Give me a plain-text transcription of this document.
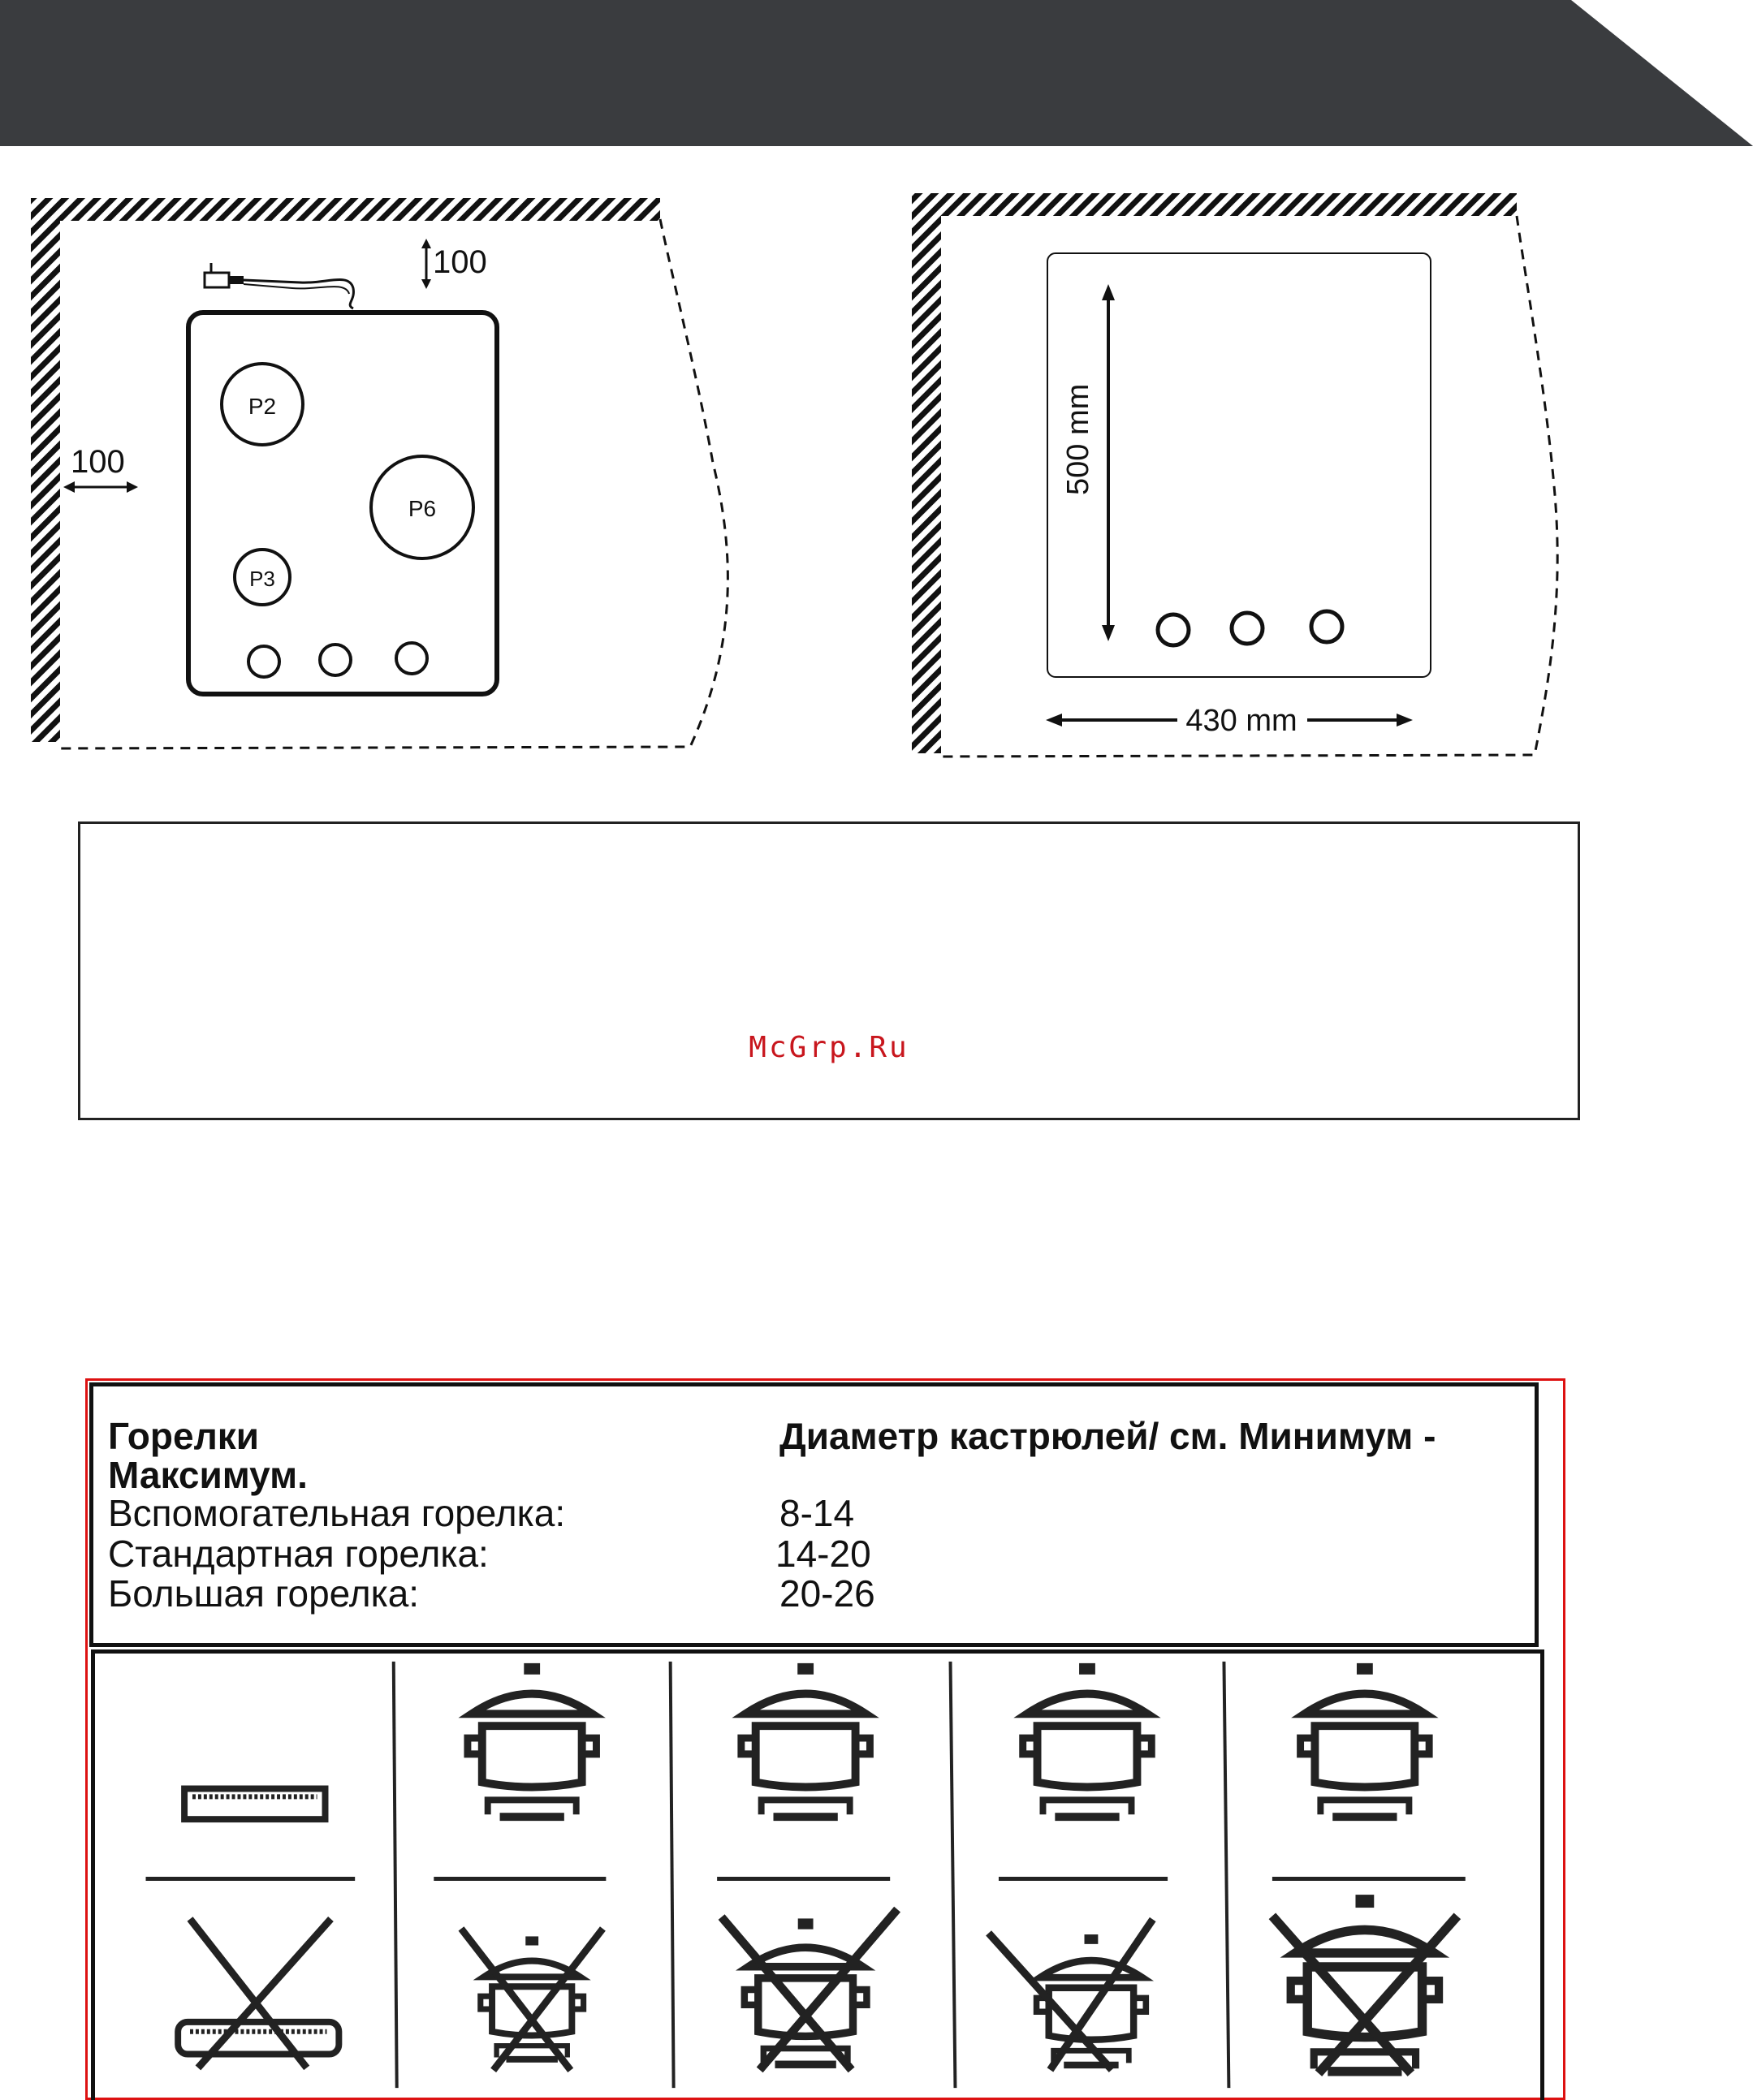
100
100
P2
P6
P3
500 mm
430 mm
McGrp.Ru
Горелки	Диаметр кастрюлей/ см. Минимум -
Максимум.
Вспомогательная горелка:	8-14
Стандартная горелка:	14-20
Большая горелка:	20-26
